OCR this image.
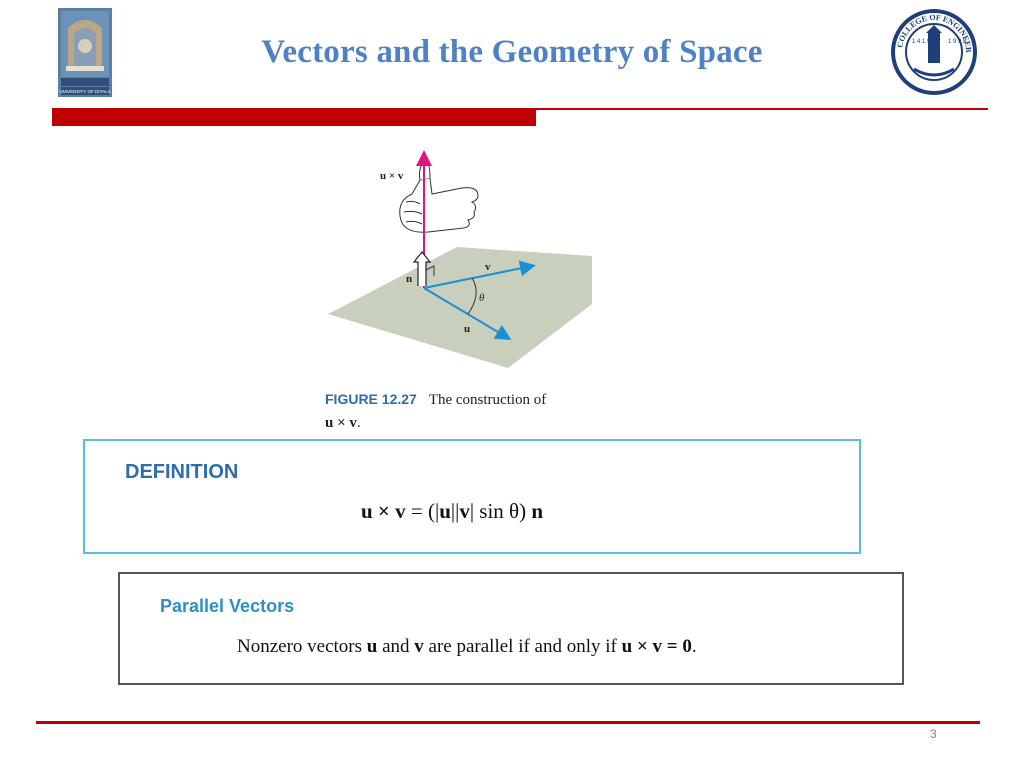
UNIVERSITY OF DIYALA
COLLEGE OF ENGINEER
1 9 9 8
1 4 1 9
Vectors and the Geometry of Space
u × v
n
v
u
θ
FIGURE 12.27 The construction of
u × v.
DEFINITION
u × v = (|u||v| sin θ) n
Parallel Vectors
Nonzero vectors u and v are parallel if and only if u × v = 0.
3
